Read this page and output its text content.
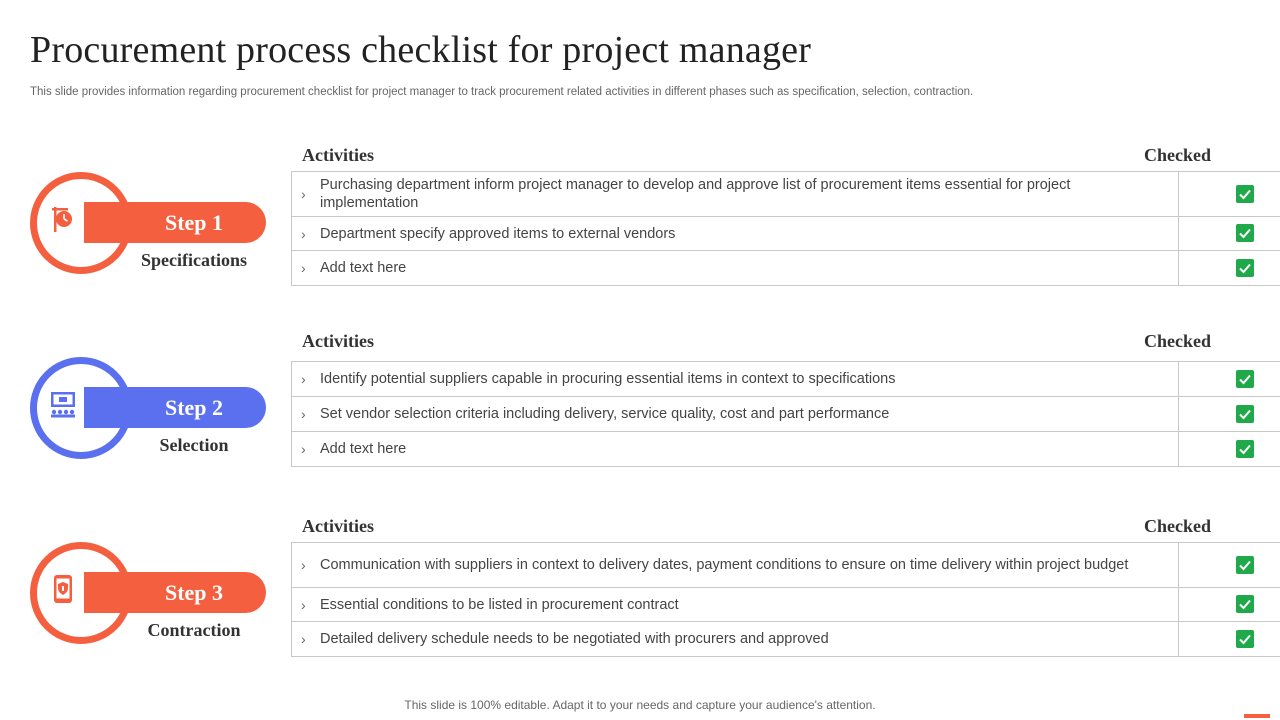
Procurement process checklist for project manager

This slide provides information regarding procurement checklist for project manager to track procurement related activities in different phases such as specification, selection, contraction.

Step 1
Specifications
Activities	Checked
›
Purchasing department inform project manager to develop and approve list of procurement items essential for project implementation	

› Department specify approved items to external vendors	

› Add text here	
Step 2
Selection
Activities	Checked
› Identify potential suppliers capable in procuring essential items in context to specifications	

› Set vendor selection criteria including delivery, service quality, cost and part performance	

› Add text here	
Step 3
Contraction
Activities	Checked
› Communication with suppliers in context to delivery dates, payment conditions to ensure on time delivery within project budget	

› Essential conditions to be listed in procurement contract	

› Detailed delivery schedule needs to be negotiated with procurers and approved	

This slide is 100% editable. Adapt it to your needs and capture your audience's attention.
